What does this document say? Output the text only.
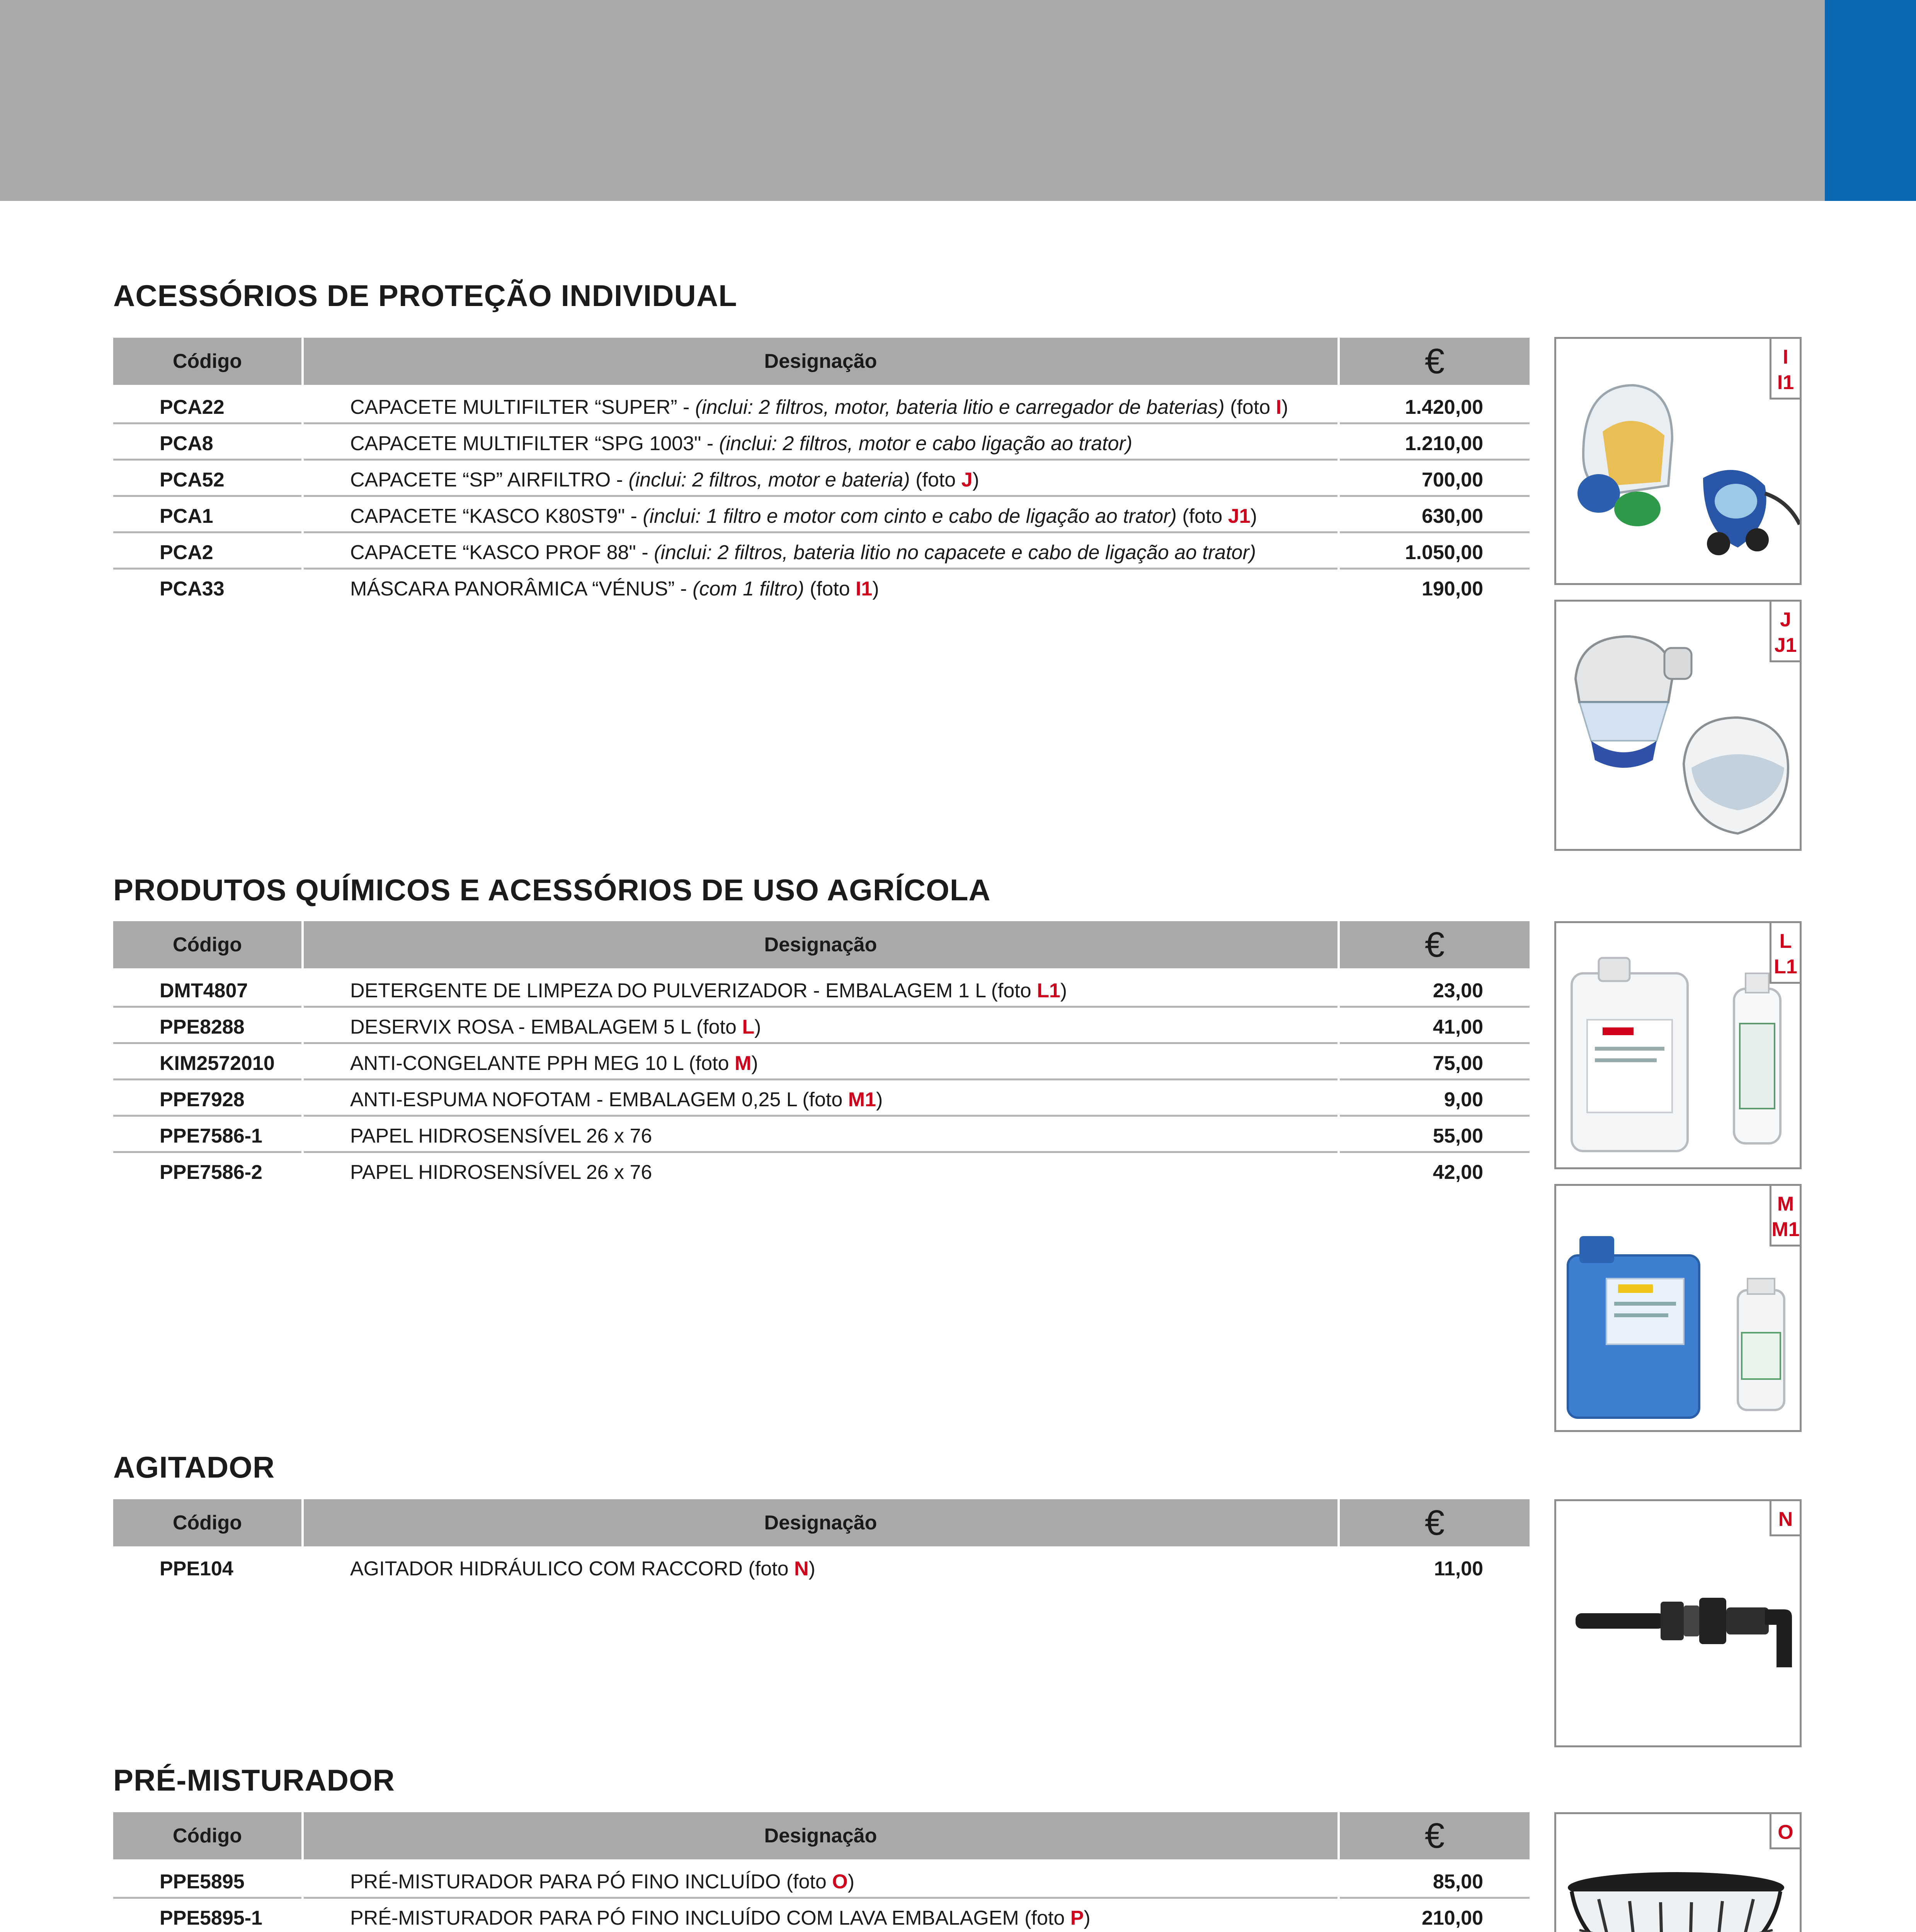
ACESSÓRIOS DE PROTEÇÃO INDIVIDUAL
Código	Designação	€
PCA22	CAPACETE MULTIFILTER “SUPER” - (inclui: 2 filtros, motor, bateria litio e carregador de baterias) (foto I)	1.420,00
PCA8	CAPACETE MULTIFILTER “SPG 1003" - (inclui: 2 filtros, motor e cabo ligação ao trator)	1.210,00
PCA52	CAPACETE “SP” AIRFILTRO - (inclui: 2 filtros, motor e bateria) (foto J)	700,00
PCA1	CAPACETE “KASCO K80ST9" - (inclui: 1 filtro e motor com cinto e cabo de ligação ao trator) (foto J1)	630,00
PCA2	CAPACETE “KASCO PROF 88" - (inclui: 2 filtros, bateria litio no capacete e cabo de ligação ao trator)	1.050,00
PCA33	MÁSCARA PANORÂMICA “VÉNUS” - (com 1 filtro) (foto I1)	190,00
PRODUTOS QUÍMICOS E ACESSÓRIOS DE USO AGRÍCOLA
Código	Designação	€
DMT4807	DETERGENTE DE LIMPEZA DO PULVERIZADOR - EMBALAGEM 1 L (foto L1)	23,00
PPE8288	DESERVIX ROSA - EMBALAGEM 5 L (foto L)	41,00
KIM2572010	ANTI-CONGELANTE PPH MEG 10 L (foto M)	75,00
PPE7928	ANTI-ESPUMA NOFOTAM - EMBALAGEM 0,25 L (foto M1)	9,00
PPE7586-1	PAPEL HIDROSENSÍVEL 26 x 76	55,00
PPE7586-2	PAPEL HIDROSENSÍVEL 26 x 76	42,00
AGITADOR
Código	Designação	€
PPE104	AGITADOR HIDRÁULICO COM RACCORD (foto N)	11,00
PRÉ-MISTURADOR
Código	Designação	€
PPE5895	PRÉ-MISTURADOR PARA PÓ FINO INCLUÍDO (foto O)	85,00
PPE5895-1	PRÉ-MISTURADOR PARA PÓ FINO INCLUÍDO COM LAVA EMBALAGEM (foto P)	210,00
I
I1
J
J1
L
L1
M
M1
N
O
